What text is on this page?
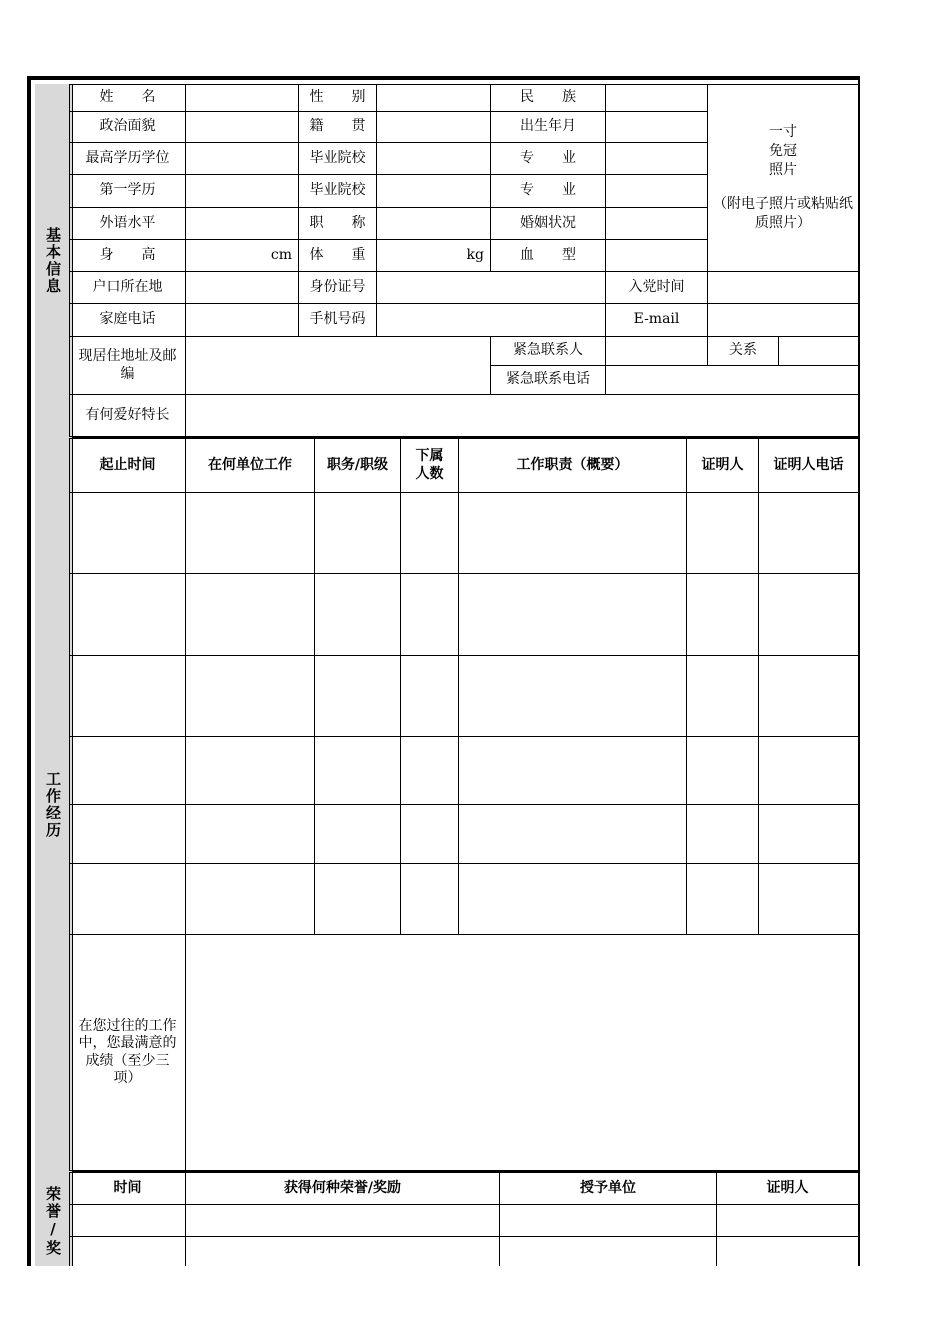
基本信息
工作经历
荣誉/奖
姓　　名		性　　别		民　　族		一寸
免冠
照片
（附电子照片或粘贴纸质照片）	

政治面貌		籍　　贯		出生年月			
最高学历学位		毕业院校		专　　业			
第一学历		毕业院校		专　　业			
外语水平		职　　称		婚姻状况			
身　　高	cm	体　　重	kg	血　　型			
户口所在地		身份证号			入党时间		
家庭电话		手机号码			E-mail		
现居住地址及邮编				紧急联系人		关系	
				紧急联系电话			
有何爱好特长							
起止时间	在何单位工作	职务/职级	下属人数	工作职责（概要）	证明人	证明人电话

在您过往的工作中，您最满意的成绩（至少三项）						
时间	获得何种荣誉/奖励	授予单位	证明人
